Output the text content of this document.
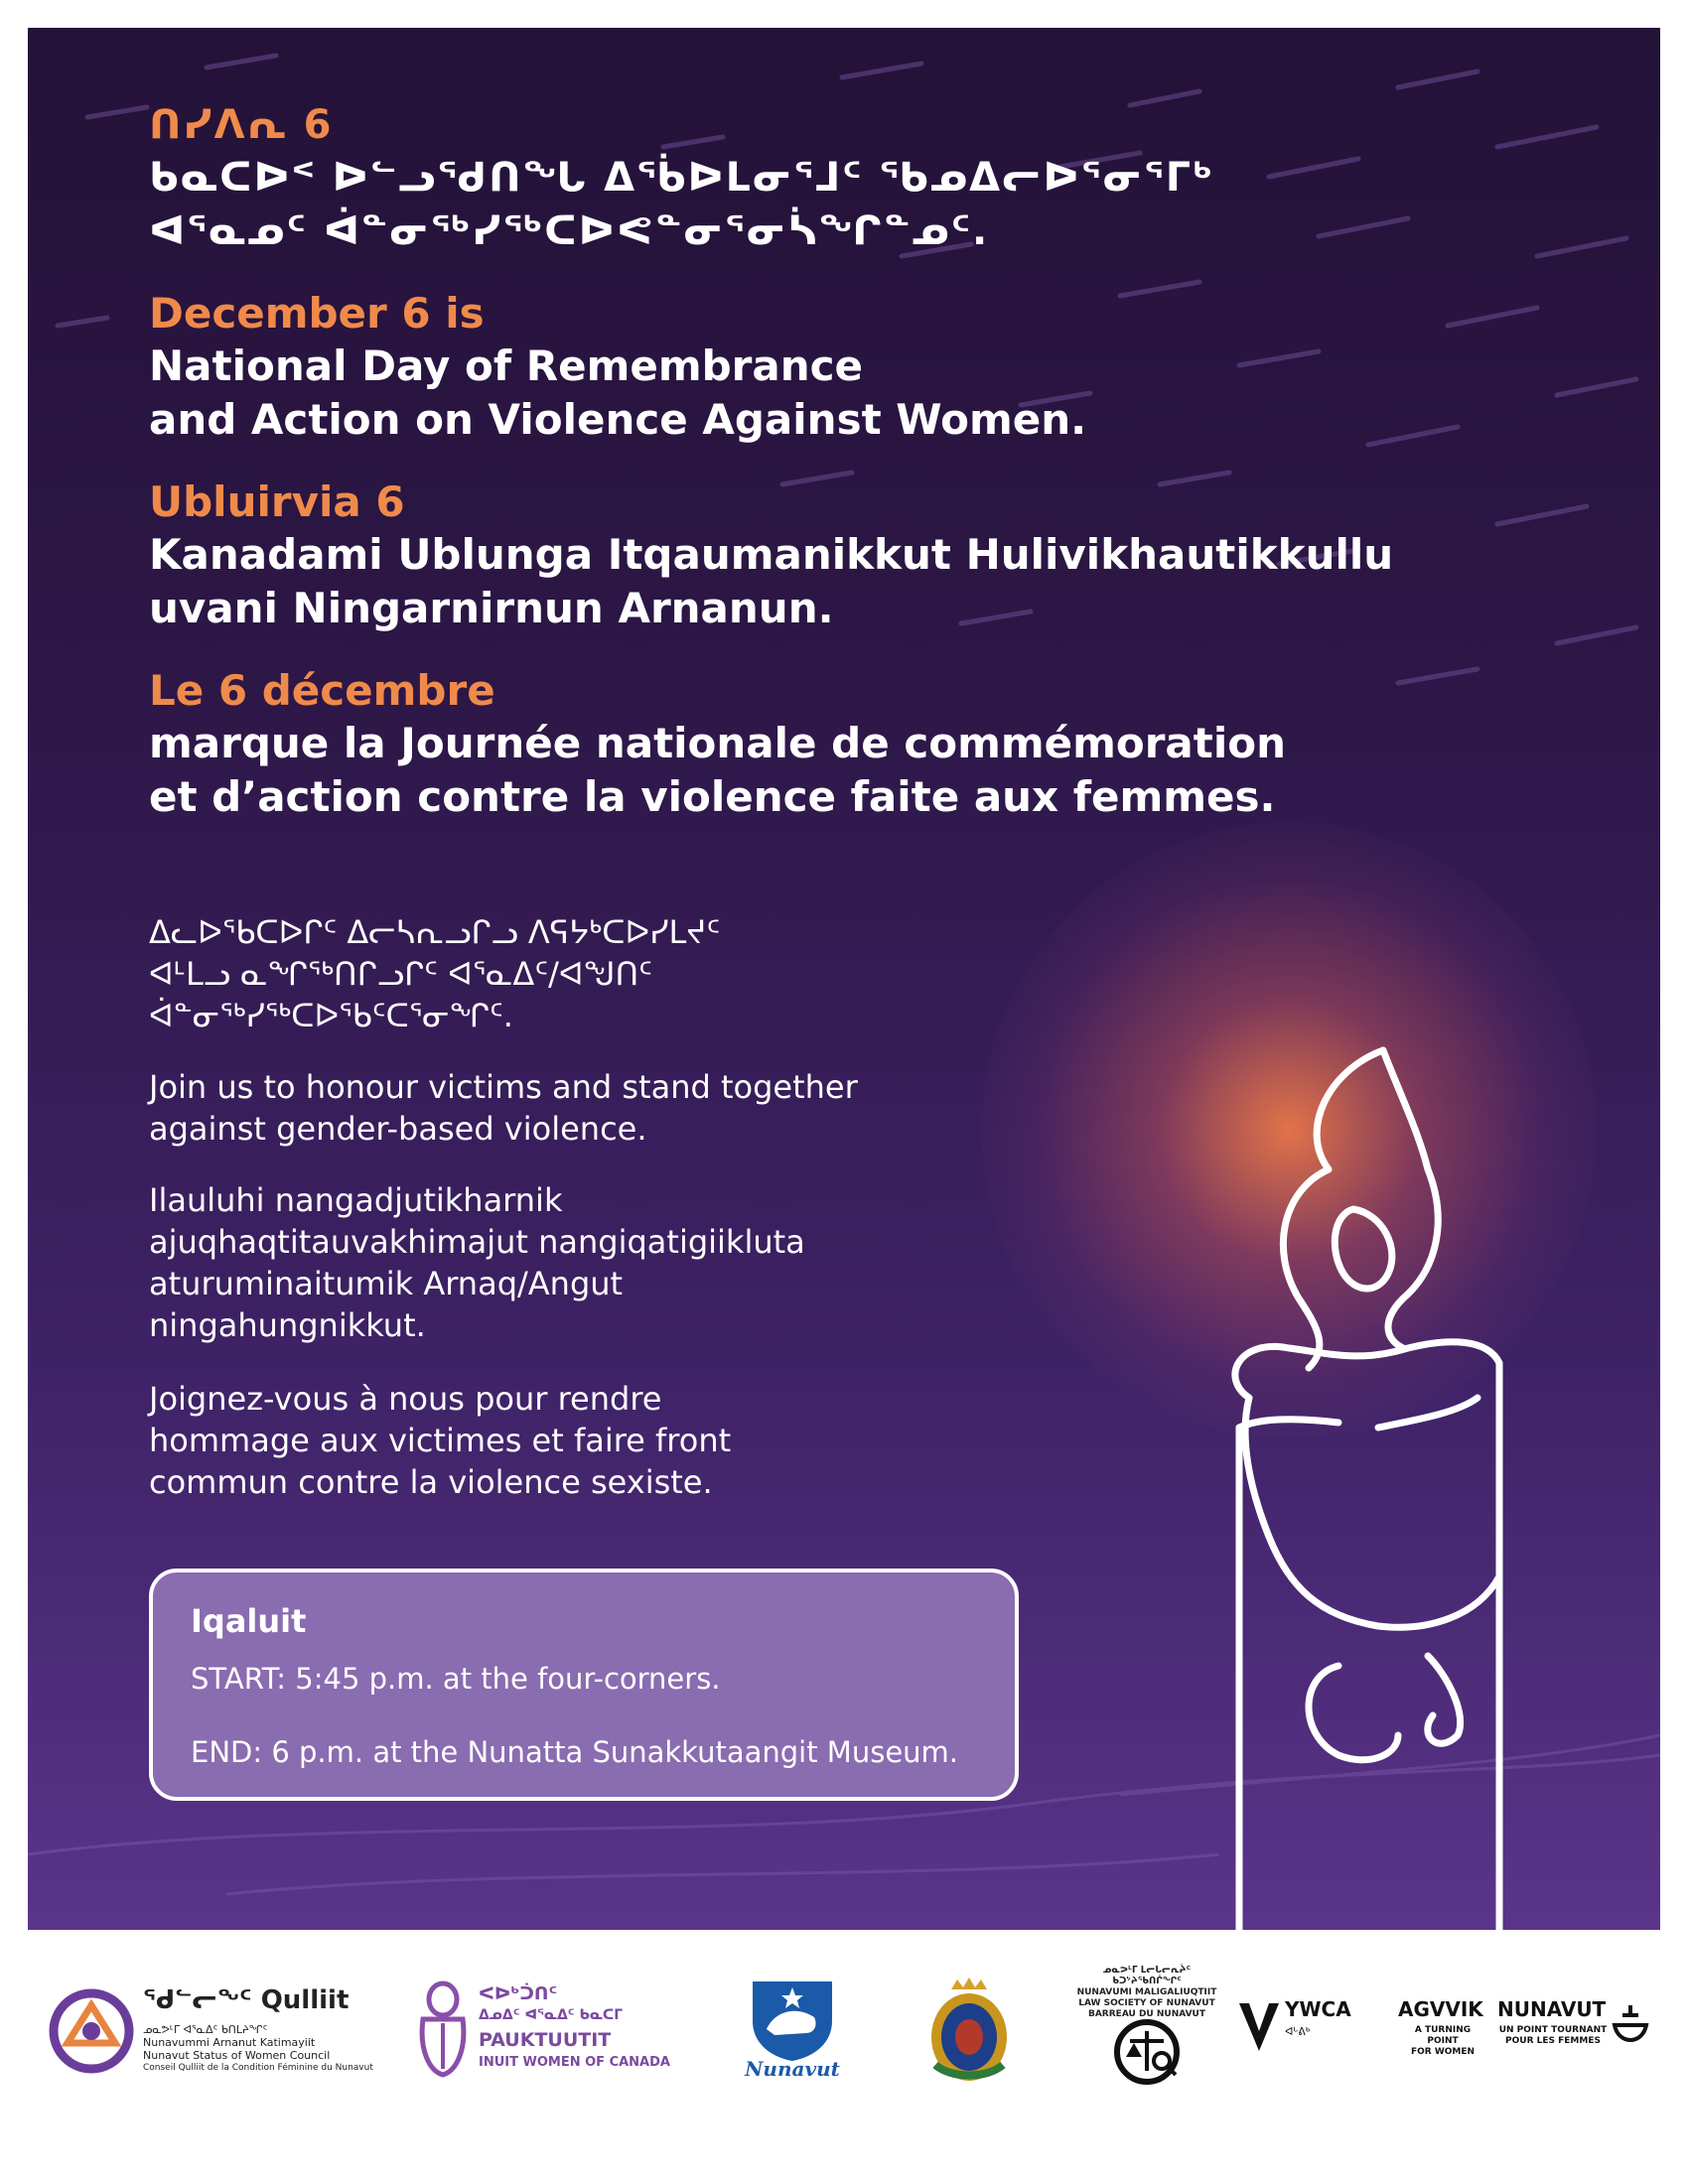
ᑎᓯᐱᕆ 6

ᑲᓇᑕᐅᑉ ᐅᓪᓗᖁᑎᖓ ᐃᖄᐅᒪᓂᕐᒧᑦ ᖃᓄᐃᓕᐅᕐᓂᕐᒥᒃ

ᐊᕐᓇᓄᑦ ᐋᓐᓂᖅᓯᖅᑕᐅᕙᓐᓂᕐᓂᓵᖏᓐᓄᑦ.

December 6 is

National Day of Remembrance

and Action on Violence Against Women.

Ubluirvia 6

Kanadami Ublunga Itqaumanikkut Hulivikhautikkullu

uvani Ningarnirnun Arnanun.

Le 6 décembre

marque la Journée nationale de commémoration

et d’action contre la violence faite aux femmes.

ᐃᓚᐅᖃᑕᐅᒋᑦ ᐃᓕᓴᕆᓗᒋᓗ ᐱᕋᔭᒃᑕᐅᓯᒪᔪᑦ

ᐊᒻᒪᓗ ᓇᖏᖅᑎᒋᓗᒋᑦ ᐊᕐᓇᐃᑦ/ᐊᖑᑎᑦ

ᐋᓐᓂᖅᓯᖅᑕᐅᖃᑦᑕᕐᓂᖏᑦ.

Join us to honour victims and stand together

against gender-based violence.

Ilauluhi nangadjutikharnik

ajuqhaqtitauvakhimajut nangiqatigiikluta

aturuminaitumik Arnaq/Angut

ningahungnikkut.

Joignez-vous à nous pour rendre

hommage aux victimes et faire front

commun contre la violence sexiste.

Iqaluit

START: 5:45 p.m. at the four-corners.

END: 6 p.m. at the Nunatta Sunakkutaangit Museum.

ᖁᓪᓕᖕᑦ Qulliit
ᓄᓇᕗᒻᒥ ᐊᕐᓇᐃᑦ ᑲᑎᒪᔨᖏᑦ
Nunavummi Arnanut Katimayiit
Nunavut Status of Women Council
Conseil Qulliit de la Condition Féminine du Nunavut
ᐸᐅᒃᑑᑎᑦ
ᐃᓄᐃᑦ ᐊᕐᓇᐃᑦ ᑲᓇᑕᒥ
PAUKTUUTIT
INUIT WOMEN OF CANADA	Nunavut
ᓄᓇᕗᒻᒥ ᒪᓕᒐᓕᕆᔩᑦ ᑲᑐᔾᔨᖃᑎᒌᖏᑦ
NUNAVUMI MALIGALIUQTIIT
LAW SOCIETY OF NUNAVUT
BARREAU DU NUNAVUT	YWCA
ᐊᒡᕕᒃ
AGVVIK
A TURNING POINT
FOR WOMEN
NUNAVUT
UN POINT TOURNANT
POUR LES FEMMES
